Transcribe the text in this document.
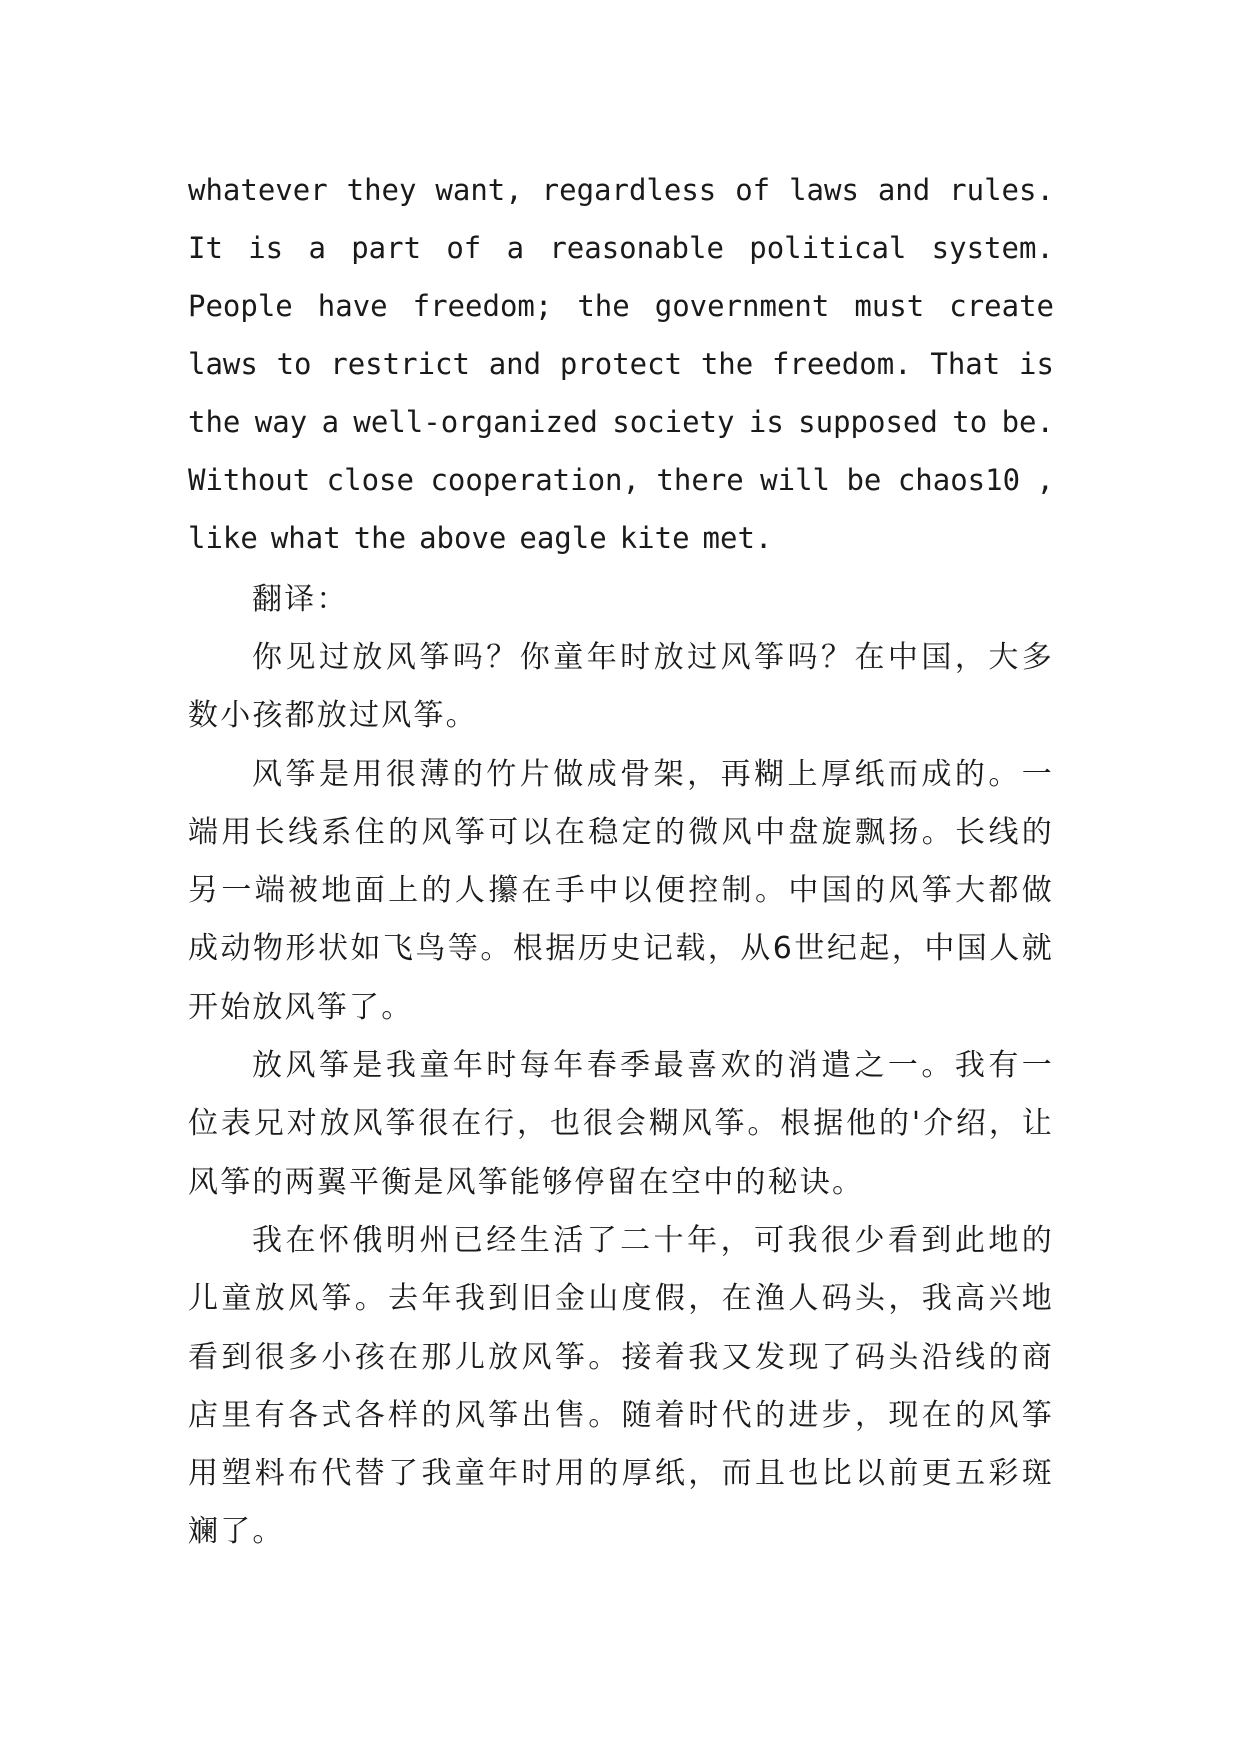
whatever they want, regardless of laws and rules.
It is a part of a reasonable political system.
People have freedom; the government must create
laws to restrict and protect the freedom. That is
the way a well-organized society is supposed to be.
Without close cooperation, there will be chaos10 ,
like what the above eagle kite met.

翻译：

你见过放风筝吗？你童年时放过风筝吗？在中国，大多数小孩都放过风筝。

风筝是用很薄的竹片做成骨架，再糊上厚纸而成的。一端用长线系住的风筝可以在稳定的微风中盘旋飘扬。长线的另一端被地面上的人攥在手中以便控制。中国的风筝大都做成动物形状如飞鸟等。根据历史记载，从6世纪起，中国人就开始放风筝了。

放风筝是我童年时每年春季最喜欢的消遣之一。我有一位表兄对放风筝很在行，也很会糊风筝。根据他的'介绍，让风筝的两翼平衡是风筝能够停留在空中的秘诀。

我在怀俄明州已经生活了二十年，可我很少看到此地的儿童放风筝。去年我到旧金山度假，在渔人码头，我高兴地看到很多小孩在那儿放风筝。接着我又发现了码头沿线的商店里有各式各样的风筝出售。随着时代的进步，现在的风筝用塑料布代替了我童年时用的厚纸，而且也比以前更五彩斑斓了。
